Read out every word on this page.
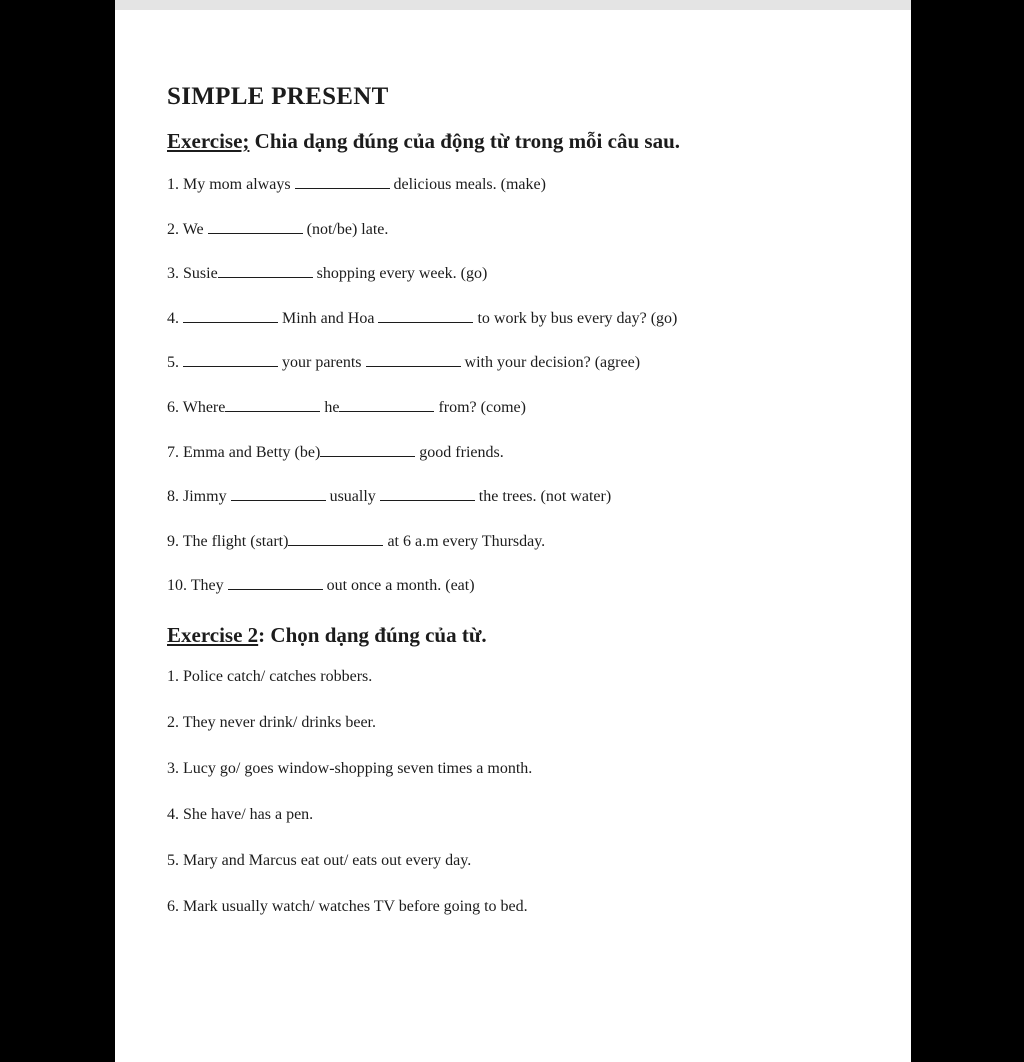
SIMPLE PRESENT
Exercise; Chia dạng đúng của động từ trong mỗi câu sau.
1. My mom always	delicious meals. (make)
2. We	(not/be) late.
3. Susie	shopping every week. (go)
4.	Minh and Hoa	to work by bus every day? (go)
5.	your parents	with your decision? (agree)
6. Where	he	from? (come)
7. Emma and Betty (be)	good friends.
8. Jimmy	usually	the trees. (not water)
9. The flight (start)	at 6 a.m every Thursday.
10. They	out once a month. (eat)
Exercise 2: Chọn dạng đúng của từ.
1. Police catch/ catches robbers.
2. They never drink/ drinks beer.
3. Lucy go/ goes window-shopping seven times a month.
4. She have/ has a pen.
5. Mary and Marcus eat out/ eats out every day.
6. Mark usually watch/ watches TV before going to bed.
